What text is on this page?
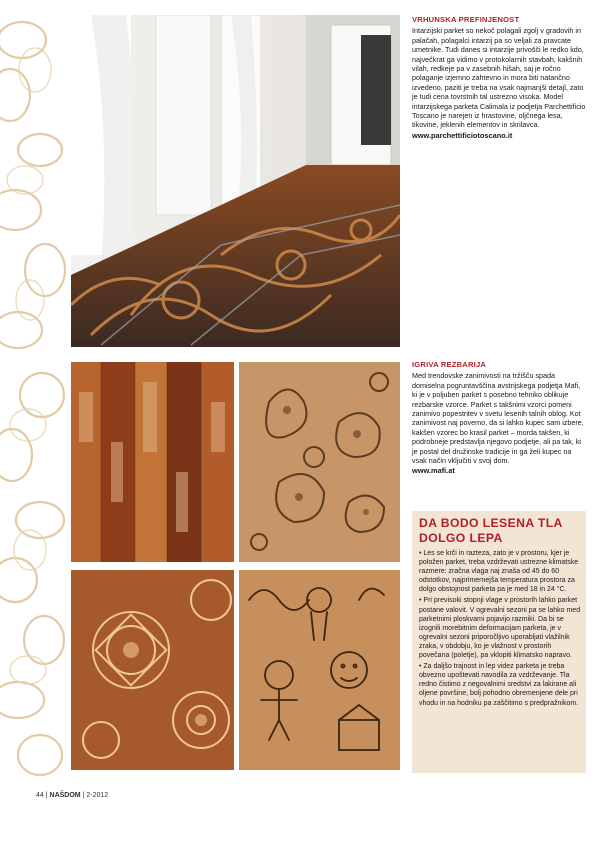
VRHUNSKA PREFINJENOST

Intarzijski parket so nekoč polagali zgolj v gradovih in palačah, polagalci intarzij pa so veljali za pravcate umetnike. Tudi danes si intarzije privošči le redko kdo, največkrat ga vidimo v protokolarnih stavbah, kakšnih vilah, redkeje pa v zasebnih hišah, saj je ročno polaganje izjemno zahtevno in mora biti natančno izvedeno, paziti je treba na vsak najmanjši detajl, zato je tudi cena tovrstnih tal ustrezno visoka. Model intarzijskega parketa Calimala iz podjetja Parchettificio Toscano je narejen iz hrastovine, oljčnega lesa, tikovine, jeklenih elementov in skrilavca.

www.parchettificiotoscano.it
IGRIVA REZBARIJA

Med trendovske zanimivosti na tržišču spada domiselna pogruntavščina avstrijskega podjetja Mafi, ki je v poljuben parket s posebno tehniko oblikuje rezbarske vzorce. Parket s takšnimi vzorci pomeni zanimivo popestritev v svetu lesenih talnih oblog. Kot zanimivost naj povemo, da si lahko kupec sam izbere, kakšen vzorec bo krasil parket – morda takšen, ki podrobneje predstavlja njegovo podjetje, ali pa tak, ki je postal del družinske tradicije in ga želi kupec na vsak način vključiti v svoj dom.

www.mafi.at
DA BODO LESENA TLA DOLGO LEPA

• Les se krči in razteza, zato je v prostoru, kjer je položen parket, treba vzdrževati ustrezne klimatske razmere: zračna vlaga naj znaša od 45 do 60 odstotkov, najprimernejša temperatura prostora za dolgo obstojnost parketa pa je med 18 in 24 °C.

• Pri previsoki stopnji vlage v prostorih lahko parket postane valovit. V ogrevalni sezoni pa se lahko med parketnimi ploskvami pojavijo razmiki. Da bi se izognili morebitnim deformacijam parketa, je v ogrevalni sezoni priporočljivo uporabljati vlažilnik zraka, v obdobju, ko je vlažnost v prostorih povečana (poletje), pa vklopiti klimatsko napravo.

• Za daljšo trajnost in lep videz parketa je treba obvezno upoštevati navodila za vzdrževanje. Tla redno čistimo z negovalnimi sredstvi za lakirane ali oljene površine, bolj pohodno obremenjene dele pri vhodu in na hodniku pa zaščitimo s predpražnikom.

44 | NAŠDOM | 2-2012
